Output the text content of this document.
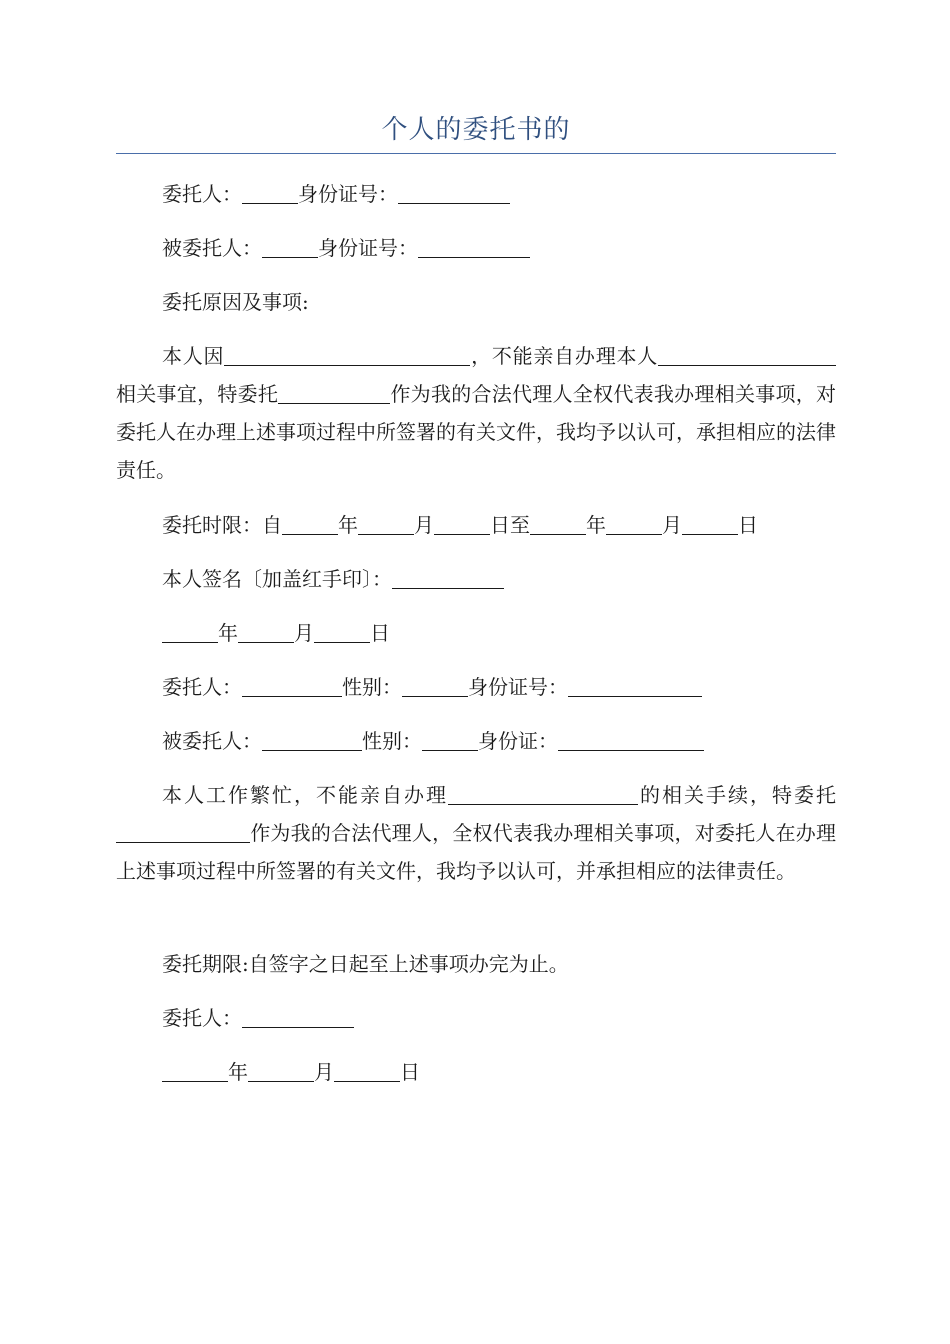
个人的委托书的
委托人：	身份证号：
被委托人：	身份证号：
委托原因及事项:
本人因	，不能亲自办理本人相关事宜，特委托	作为我的合法代理人全权代表我办理相关事项，对委托人在办理上述事项过程中所签署的有关文件，我均予以认可，承担相应的法律责任。
委托时限：自	年	月	日至	年	月	日
本人签名〔加盖红手印〕：
年	月	日
委托人：	性别：	身份证号：
被委托人：	性别：	身份证：
本人工作繁忙，不能亲自办理	的相关手续，特委托作为我的合法代理人，全权代表我办理相关事项，对委托人在办理上述事项过程中所签署的有关文件，我均予以认可，并承担相应的法律责任。
委托期限:自签字之日起至上述事项办完为止。
委托人：
年	月	日
